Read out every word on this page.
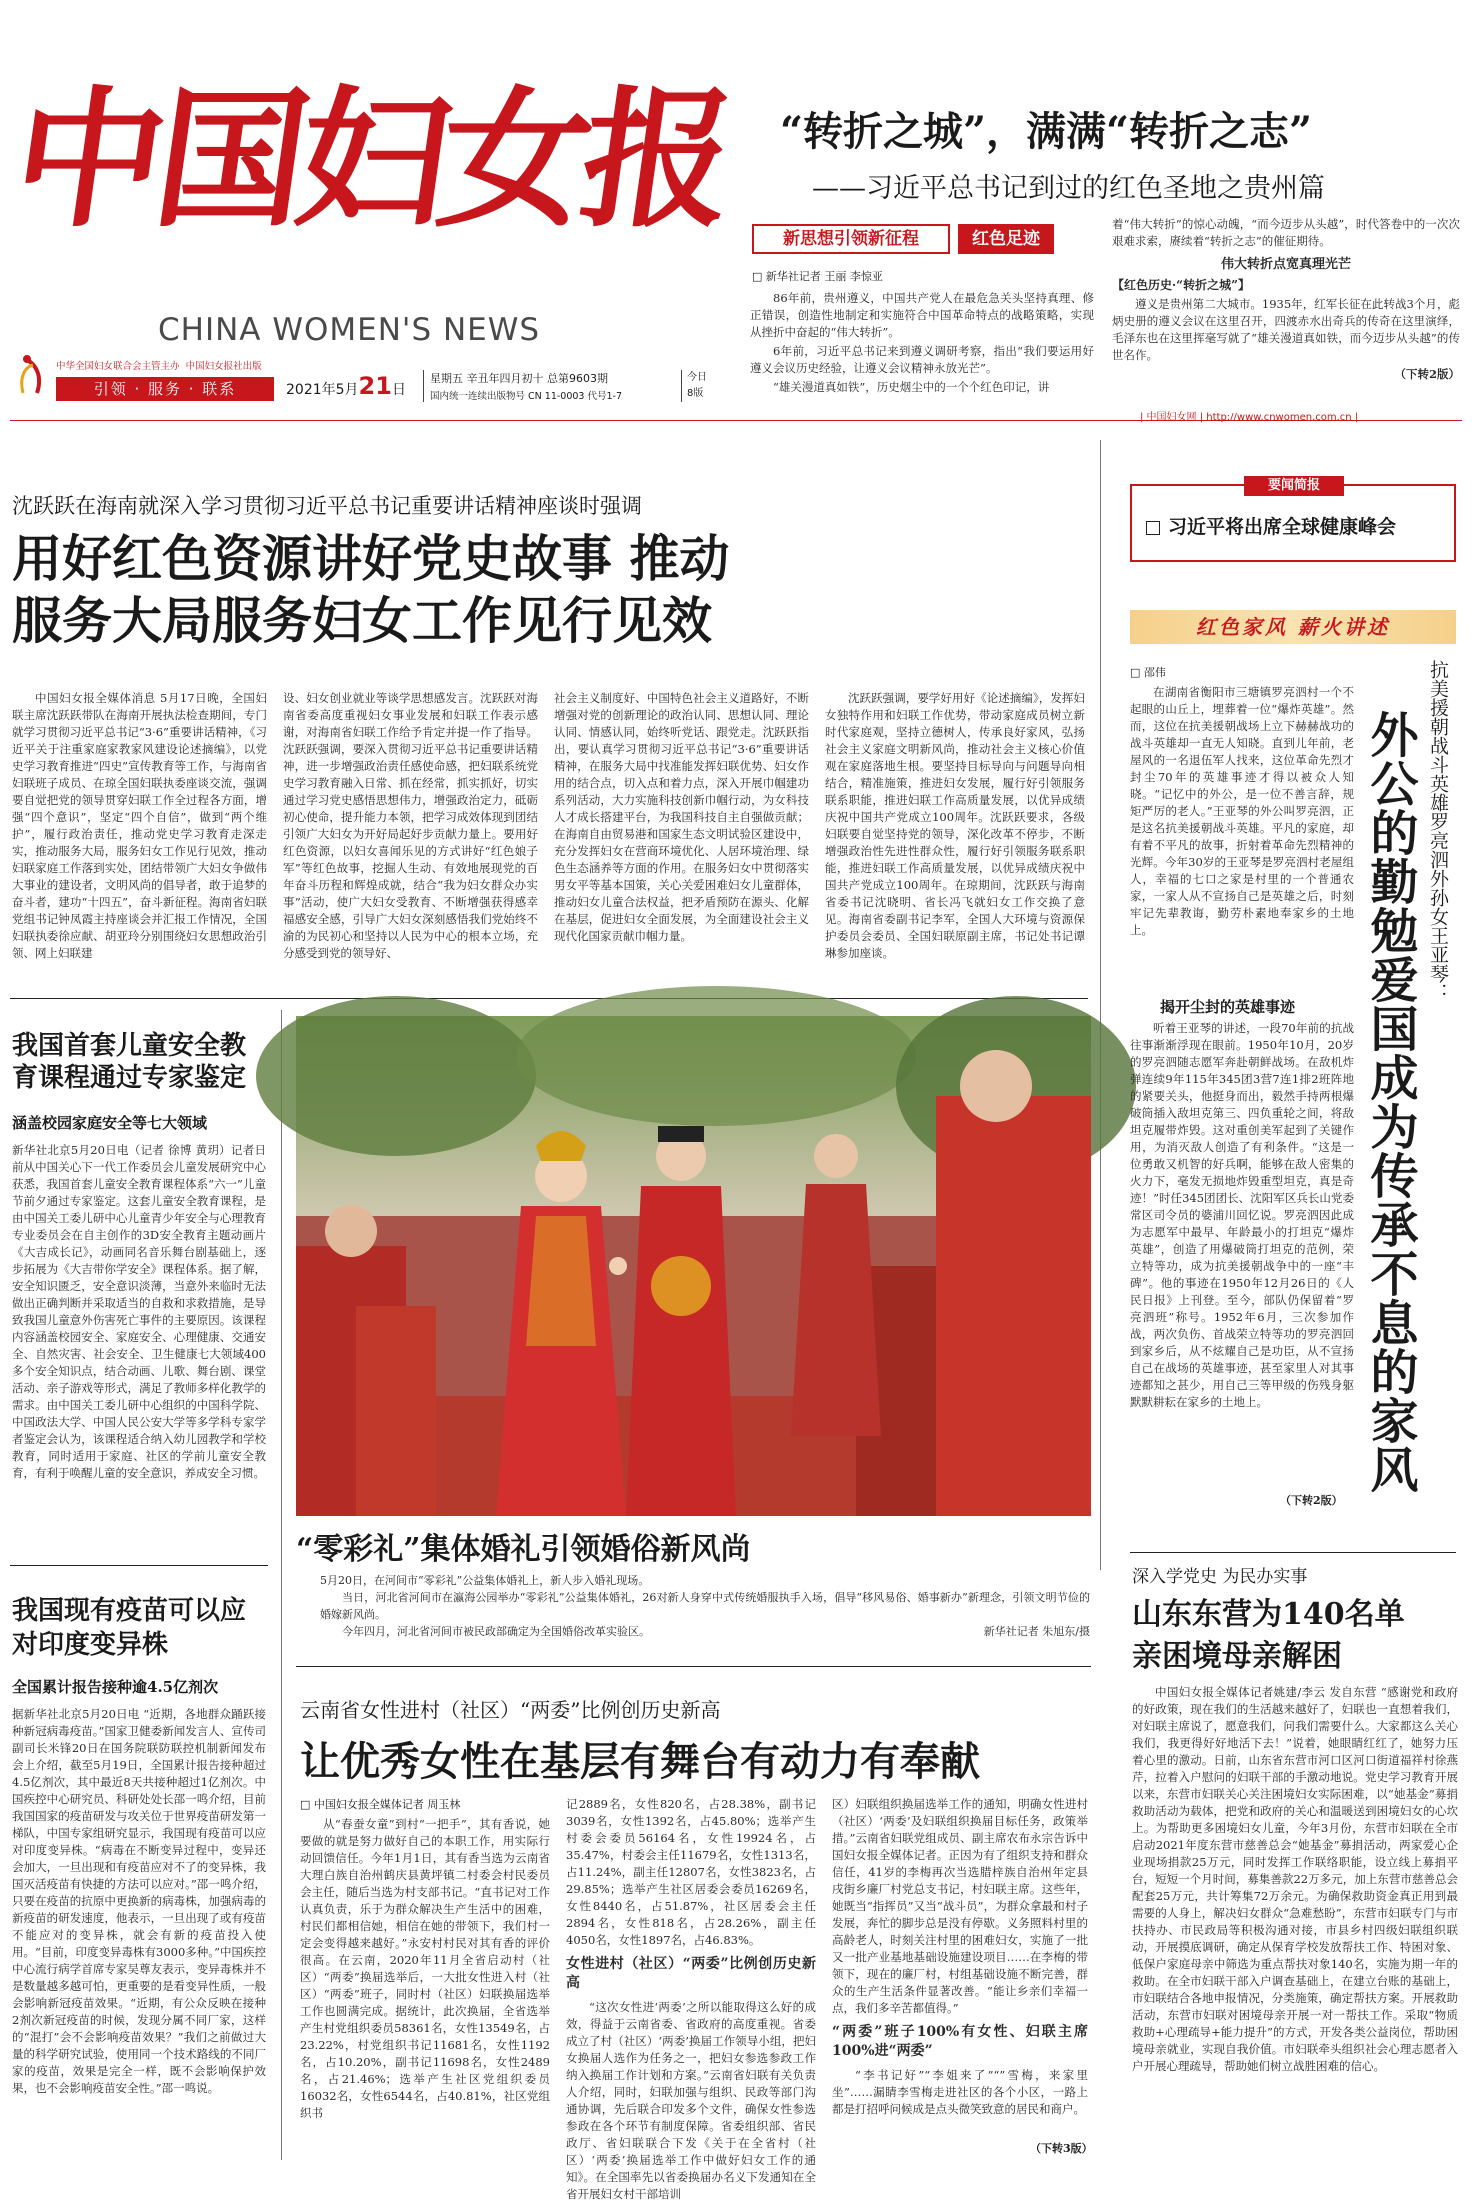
中国妇女报
CHINA WOMEN'S NEWS
中华全国妇女联合会主管主办 中国妇女报社出版
引领 · 服务 · 联系	2021年5月21日
星期五 辛丑年四月初十 总第9603期
国内统一连续出版物号 CN 11-0003 代号1-7
今日
8版
“转折之城”，满满“转折之志”
——习近平总书记到过的红色圣地之贵州篇
新思想引领新征程	红色足迹
□ 新华社记者 王丽 李惊亚

86年前，贵州遵义，中国共产党人在最危急关头坚持真理、修正错误，创造性地制定和实施符合中国革命特点的战略策略，实现从挫折中奋起的“伟大转折”。

6年前，习近平总书记来到遵义调研考察，指出“我们要运用好遵义会议历史经验，让遵义会议精神永放光芒”。

“雄关漫道真如铁”，历史烟尘中的一个个红色印记，讲

着“伟大转折”的惊心动魄，“而今迈步从头越”，时代答卷中的一次次艰难求索，赓续着“转折之志”的催征期待。

伟大转折点宽真理光芒
【红色历史·“转折之城”】

遵义是贵州第二大城市。1935年，红军长征在此转战3个月，彪炳史册的遵义会议在这里召开，四渡赤水出奇兵的传奇在这里演绎，毛泽东也在这里挥毫写就了“雄关漫道真如铁，而今迈步从头越”的传世名作。

（下转2版）
| 中国妇女网 | http://www.cnwomen.com.cn |
沈跃跃在海南就深入学习贯彻习近平总书记重要讲话精神座谈时强调
用好红色资源讲好党史故事 推动
服务大局服务妇女工作见行见效
中国妇女报全媒体消息 5月17日晚，全国妇联主席沈跃跃带队在海南开展执法检查期间，专门就学习贯彻习近平总书记“3·6”重要讲话精神，《习近平关于注重家庭家教家风建设论述摘编》，以党史学习教育推进“四史”宣传教育等工作，与海南省妇联班子成员、在琼全国妇联执委座谈交流，强调要自觉把党的领导贯穿妇联工作全过程各方面，增强“四个意识”，坚定“四个自信”，做到“两个维护”，履行政治责任，推动党史学习教育走深走实，推动服务大局，服务妇女工作见行见效，推动妇联家庭工作落到实处，团结带领广大妇女争做伟大事业的建设者，文明风尚的倡导者，敢于追梦的奋斗者，建功“十四五”，奋斗新征程。海南省妇联党组书记钟凤霞主持座谈会并汇报工作情况，全国妇联执委徐应献、胡亚玲分别围绕妇女思想政治引领、网上妇联建
设、妇女创业就业等谈学思想感发言。沈跃跃对海南省委高度重视妇女事业发展和妇联工作表示感谢，对海南省妇联工作给予肯定并提一作了指导。沈跃跃强调，要深入贯彻习近平总书记重要讲话精神，进一步增强政治责任感使命感，把妇联系统党史学习教育融入日常、抓在经常，抓实抓好，切实通过学习党史感悟思想伟力，增强政治定力，砥砺初心使命，提升能力本领，把学习成效体现到团结引领广大妇女为开好局起好步贡献力量上。要用好红色资源，以妇女喜闻乐见的方式讲好“红色娘子军”等红色故事，挖掘人生动、有效地展现党的百年奋斗历程和辉煌成就，结合“我为妇女群众办实事”活动，使广大妇女受教育、不断增强获得感幸福感安全感，引导广大妇女深刻感悟我们党始终不渝的为民初心和坚持以人民为中心的根本立场，充分感受到党的领导好、
社会主义制度好、中国特色社会主义道路好，不断增强对党的创新理论的政治认同、思想认同、理论认同、情感认同，始终听党话、跟党走。沈跃跃指出，要认真学习贯彻习近平总书记“3·6”重要讲话精神，在服务大局中找准能发挥妇联优势、妇女作用的结合点，切入点和着力点，深入开展巾帼建功系列活动，大力实施科技创新巾帼行动，为女科技人才成长搭建平台，为我国科技自主自强做贡献；在海南自由贸易港和国家生态文明试验区建设中，充分发挥妇女在营商环境优化、人居环境治理、绿色生态涵养等方面的作用。在服务妇女中贯彻落实男女平等基本国策，关心关爱困难妇女儿童群体，推动妇女儿童合法权益，把矛盾预防在源头、化解在基层，促进妇女全面发展，为全面建设社会主义现代化国家贡献巾帼力量。
沈跃跃强调，要学好用好《论述摘编》，发挥妇女独特作用和妇联工作优势，带动家庭成员树立新时代家庭观，坚持立德树人，传承良好家风，弘扬社会主义家庭文明新风尚，推动社会主义核心价值观在家庭落地生根。要坚持目标导向与问题导向相结合，精准施策，推进妇女发展，履行好引领服务联系职能，推进妇联工作高质量发展，以优异成绩庆祝中国共产党成立100周年。沈跃跃要求，各级妇联要自觉坚持党的领导，深化改革不停步，不断增强政治性先进性群众性，履行好引领服务联系职能，推进妇联工作高质量发展，以优异成绩庆祝中国共产党成立100周年。在琼期间，沈跃跃与海南省委书记沈晓明、省长冯飞就妇女工作交换了意见。海南省委副书记李军，全国人大环境与资源保护委员会委员、全国妇联原副主席，书记处书记谭琳参加座谈。
我国首套儿童安全教育课程通过专家鉴定
涵盖校园家庭安全等七大领域
新华社北京5月20日电（记者 徐博 黄玥）记者日前从中国关心下一代工作委员会儿童发展研究中心获悉，我国首套儿童安全教育课程体系“六一”儿童节前夕通过专家鉴定。这套儿童安全教育课程，是由中国关工委儿研中心儿童青少年安全与心理教育专业委员会在自主创作的3D安全教育主题动画片《大吉成长记》，动画同名音乐舞台剧基础上，逐步拓展为《大吉带你学安全》课程体系。据了解，安全知识匮乏，安全意识淡薄，当意外来临时无法做出正确判断并采取适当的自救和求救措施，是导致我国儿童意外伤害死亡事件的主要原因。该课程内容涵盖校园安全、家庭安全、心理健康、交通安全、自然灾害、社会安全、卫生健康七大领域400多个安全知识点，结合动画、儿歌、舞台剧、课堂活动、亲子游戏等形式，满足了教师多样化教学的需求。由中国关工委儿研中心组织的中国科学院、中国政法大学、中国人民公安大学等多学科专家学者鉴定会认为，该课程适合纳入幼儿园教学和学校教育，同时适用于家庭、社区的学前儿童安全教育，有利于唤醒儿童的安全意识，养成安全习惯。
我国现有疫苗可以应对印度变异株
全国累计报告接种逾4.5亿剂次
据新华社北京5月20日电 “近期，各地群众踊跃接种新冠病毒疫苗。”国家卫健委新闻发言人、宣传司副司长米锋20日在国务院联防联控机制新闻发布会上介绍，截至5月19日，全国累计报告接种超过4.5亿剂次，其中最近8天共接种超过1亿剂次。中国疾控中心研究员、科研处处长邵一鸣介绍，目前我国国家的疫苗研发与攻关位于世界疫苗研发第一梯队，中国专家组研究显示，我国现有疫苗可以应对印度变异株。“病毒在不断变异过程中，变异还会加大，一旦出现和有疫苗应对不了的变异株，我国灭活疫苗有快捷的方法可以应对。”邵一鸣介绍，只要在疫苗的抗原中更换新的病毒株，加强病毒的新疫苗的研发速度，他表示，一旦出现了或有疫苗不能应对的变异株，就会有新的疫苗投入使用。“目前，印度变异毒株有3000多种。”中国疾控中心流行病学首席专家吴尊友表示，变异毒株并不是数量越多越可怕，更重要的是看变异性质，一般会影响新冠疫苗效果。“近期，有公众反映在接种2剂次新冠疫苗的时候，发现分属不同厂家，这样的“混打”会不会影响疫苗效果？”我们之前做过大量的科学研究试验，使用同一个技术路线的不同厂家的疫苗，效果是完全一样，既不会影响保护效果，也不会影响疫苗安全性。”邵一鸣说。
“零彩礼”集体婚礼引领婚俗新风尚
5月20日，在河间市“零彩礼”公益集体婚礼上，新人步入婚礼现场。
当日，河北省河间市在瀛海公园举办“零彩礼”公益集体婚礼，26对新人身穿中式传统婚服执手入场，倡导“移风易俗、婚事新办”新理念，引领文明节俭的婚嫁新风尚。
今年四月，河北省河间市被民政部确定为全国婚俗改革实验区。	新华社记者 朱旭东/摄
云南省女性进村（社区）“两委”比例创历史新高
让优秀女性在基层有舞台有动力有奉献
□ 中国妇女报全媒体记者 周玉林
从“春蚕女童”到村“一把手”，其有香说，她要做的就是努力做好自己的本职工作，用实际行动回馈信任。今年1月1日，其有香当选为云南省大理白族自治州鹤庆县黄坪镇二村委会村民委员会主任，随后当选为村支部书记。“直书记对工作认真负责，乐于为群众解决生产生活中的困难，村民们都相信她，相信在她的带领下，我们村一定会变得越来越好。”永安村村民对其有香的评价很高。在云南，2020年11月全省启动村（社区）“两委”换届选举后，一大批女性进入村（社区）“两委”班子，同时村（社区）妇联换届选举工作也圆满完成。据统计，此次换届，全省选举产生村党组织委员58361名，女性13549名，占23.22%，村党组织书记11681名，女性1192名，占10.20%，副书记11698名，女性2489名，占21.46%；选举产生社区党组织委员16032名，女性6544名，占40.81%，社区党组织书
记2889名，女性820名，占28.38%，副书记3039名，女性1392名，占45.80%；选举产生村委会委员56164名，女性19924名，占35.47%，村委会主任11679名，女性1313名，占11.24%，副主任12807名，女性3823名，占29.85%；选举产生社区居委会委员16269名，女性8440名，占51.87%，社区居委会主任2894名，女性818名，占28.26%，副主任4050名，女性1897名，占46.83%。
女性进村（社区）“两委”比例创历史新高
“这次女性进‘两委’之所以能取得这么好的成效，得益于云南省委、省政府的高度重视。省委成立了村（社区）‘两委’换届工作领导小组，把妇女换届人选作为任务之一，把妇女参选参政工作纳入换届工作计划和方案。”云南省妇联有关负责人介绍，同时，妇联加强与组织、民政等部门沟通协调，先后联合印发多个文件，确保女性参选参政在各个环节有制度保障。省委组织部、省民政厅、省妇联联合下发《关于在全省村（社区）‘两委’换届选举工作中做好妇女工作的通知》。在全国率先以省委换届办名义下发通知在全省开展妇女村干部培训
区）妇联组织换届选举工作的通知，明确女性进村（社区）‘两委’及妇联组织换届目标任务，政策举措。”云南省妇联党组成员、副主席农布永宗告诉中国妇女报全媒体记者。正因为有了组织支持和群众信任，41岁的李梅再次当选腊梓族自治州年定县戌街乡廉厂村党总支书记，村妇联主席。这些年，她既当“指挥员”又当“战斗员”，为群众拿最和村子发展，奔忙的脚步总是没有停歇。义务照料村里的高龄老人，时刻关注村里的困难妇女，实施了一批又一批产业基地基础设施建设项目……在李梅的带领下，现在的廉厂村，村组基础设施不断完善，群众的生产生活条件显著改善。“能让乡亲们幸福一点，我们多辛苦都值得。”
“两委”班子100%有女性、妇联主席100%进“两委”
“李书记好”“李姐来了”“”雪梅，来家里坐”……漏睛李雪梅走进社区的各个小区，一路上都是打招呼问候成是点头微笑致意的居民和商户。
（下转3版）
要闻简报
习近平将出席全球健康峰会
红色家风 薪火讲述
□ 邵伟	抗美援朝战斗英雄罗亮泗外孙女王亚琴：
外公的勤勉爱国成为传承不息的家风
在湖南省衡阳市三塘镇罗亮泗村一个不起眼的山丘上，埋葬着一位“爆炸英雄”。然而，这位在抗美援朝战场上立下赫赫战功的战斗英雄却一直无人知晓。直到儿年前，老屋风的一名退伍军人找来，这位革命先烈才封尘70年的英雄事迹才得以被众人知晓。“记忆中的外公，是一位不善言辞，规矩严厉的老人。”王亚琴的外公叫罗亮泗，正是这名抗美援朝战斗英雄。平凡的家庭，却有着不平凡的故事，折射着革命先烈精神的光辉。今年30岁的王亚琴是罗亮泗村老屋组人，幸福的七口之家是村里的一个普通农家，一家人从不宣扬自己是英雄之后，时刻牢记先辈教诲，勤劳朴素地奉家乡的土地上。
揭开尘封的英雄事迹
听着王亚琴的讲述，一段70年前的抗战往事渐渐浮现在眼前。1950年10月，20岁的罗亮泗随志愿军奔赴朝鲜战场。在敌机炸弹连续9年115年345团3营7连1排2班阵地的紧要关头，他挺身而出，毅然手持两根爆破筒插入敌坦克第三、四负重轮之间，将敌坦克履带炸毁。这对重创美军起到了关键作用，为消灭敌人创造了有利条件。“这是一位勇敢又机智的好兵啊，能够在敌人密集的火力下，毫发无损地炸毁重型坦克，真是奇迹！”时任345团团长、沈阳军区兵长山党委常区司令员的婆浦川回忆说。罗亮泗因此成为志愿军中最早、年龄最小的打坦克“爆炸英雄”，创造了用爆破筒打坦克的范例，荣立特等功，成为抗美援朝战争中的一座“丰碑”。他的事迹在1950年12月26日的《人民日报》上刊登。至今，部队仍保留着“罗亮泗班”称号。1952年6月，三次参加作战，两次负伤、首战荣立特等功的罗亮泗回到家乡后，从不炫耀自己是功臣，从不宣扬自己在战场的英雄事迹，甚至家里人对其事迹都知之甚少，用自己三等甲级的伤残身躯默默耕耘在家乡的土地上。
（下转2版）
深入学党史 为民办实事
山东东营为140名单亲困境母亲解困
中国妇女报全媒体记者姚建/李云 发自东营 “感谢党和政府的好政策，现在我们的生活越来越好了，妇联也一直想着我们，对妇联主席说了，愿意我们，问我们需要什么。大家都这么关心我们，我更得好好地活下去！”说着，她眼睛红红了，她努力压着心里的激动。日前，山东省东营市河口区河口街道福祥村徐燕芹，拉着入户慰问的妇联干部的手激动地说。党史学习教育开展以来，东营市妇联关心关注困境妇女实际困难，以“她基金”募捐救助活动为载体，把党和政府的关心和温暖送到困境妇女的心坎上。为帮助更多困境妇女儿童，今年3月份，东营市妇联在全市启动2021年度东营市慈善总会“她基金”募捐活动，两家爱心企业现场捐款25万元，同时发挥工作联络职能，设立线上募捐平台，短短一个月时间，募集善款22万多元，加上东营市慈善总会配套25万元，共计筹集72万余元。为确保救助资金真正用到最需要的人身上，解决妇女群众“急难愁盼”，东营市妇联专门与市扶持办、市民政局等积极沟通对接，市县乡村四级妇联组织联动，开展摸底调研，确定从保育学校发放帮扶工作、特困对象、低保户家庭母亲中筛选为重点帮扶对象140名，实施为期一年的救助。在全市妇联干部入户调查基础上，在建立台账的基础上，市妇联结合各地申报情况，分类施策，确定帮扶方案。开展救助活动，东营市妇联对困境母亲开展一对一帮扶工作。采取“物质救助+心理疏导+能力提升”的方式，开发各类公益岗位，帮助困境母亲就业，实现自我价值。市妇联牵头组织社会心理志愿者入户开展心理疏导，帮助她们树立战胜困难的信心。
